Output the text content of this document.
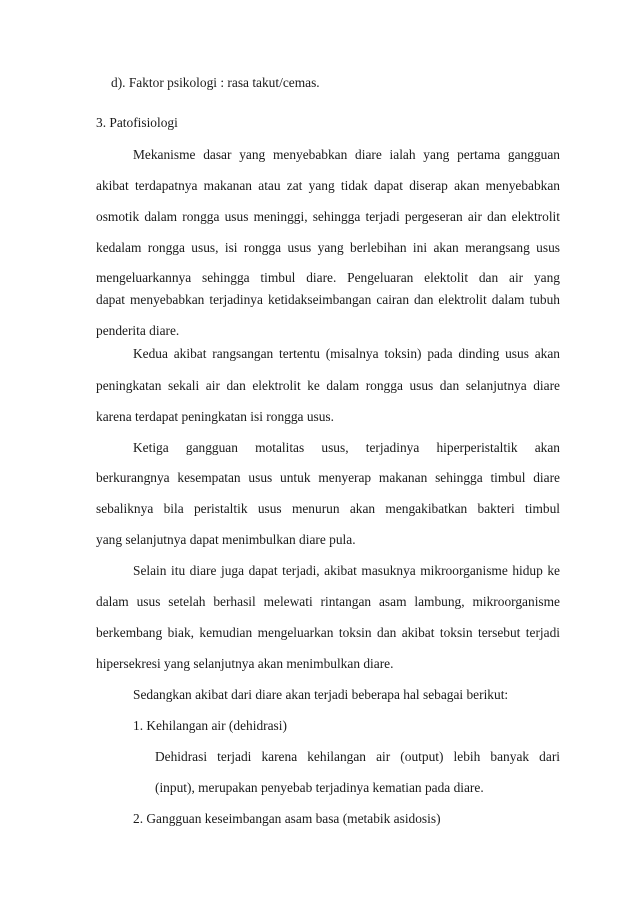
d). Faktor psikologi : rasa takut/cemas.
3. Patofisiologi
Mekanisme dasar yang menyebabkan diare ialah yang pertama gangguan
akibat terdapatnya makanan atau zat yang tidak dapat diserap akan menyebabkan
osmotik dalam rongga usus meninggi, sehingga terjadi pergeseran air dan elektrolit
kedalam rongga usus, isi rongga usus yang berlebihan ini akan merangsang usus
mengeluarkannya sehingga timbul diare. Pengeluaran elektolit dan air yang
dapat menyebabkan terjadinya ketidakseimbangan cairan dan elektrolit dalam tubuh
penderita diare.
Kedua akibat rangsangan tertentu (misalnya toksin) pada dinding usus akan
peningkatan sekali air dan elektrolit ke dalam rongga usus dan selanjutnya diare
karena terdapat peningkatan isi rongga usus.
Ketiga gangguan motalitas usus, terjadinya hiperperistaltik akan
berkurangnya kesempatan usus untuk menyerap makanan sehingga timbul diare
sebaliknya bila peristaltik usus menurun akan mengakibatkan bakteri timbul
yang selanjutnya dapat menimbulkan diare pula.
Selain itu diare juga dapat terjadi, akibat masuknya mikroorganisme hidup ke
dalam usus setelah berhasil melewati rintangan asam lambung, mikroorganisme
berkembang biak, kemudian mengeluarkan toksin dan akibat toksin tersebut terjadi
hipersekresi yang selanjutnya akan menimbulkan diare.
Sedangkan akibat dari diare akan terjadi beberapa hal sebagai berikut:
1. Kehilangan air (dehidrasi)
Dehidrasi terjadi karena kehilangan air (output) lebih banyak dari
(input), merupakan penyebab terjadinya kematian pada diare.
2. Gangguan keseimbangan asam basa (metabik asidosis)
